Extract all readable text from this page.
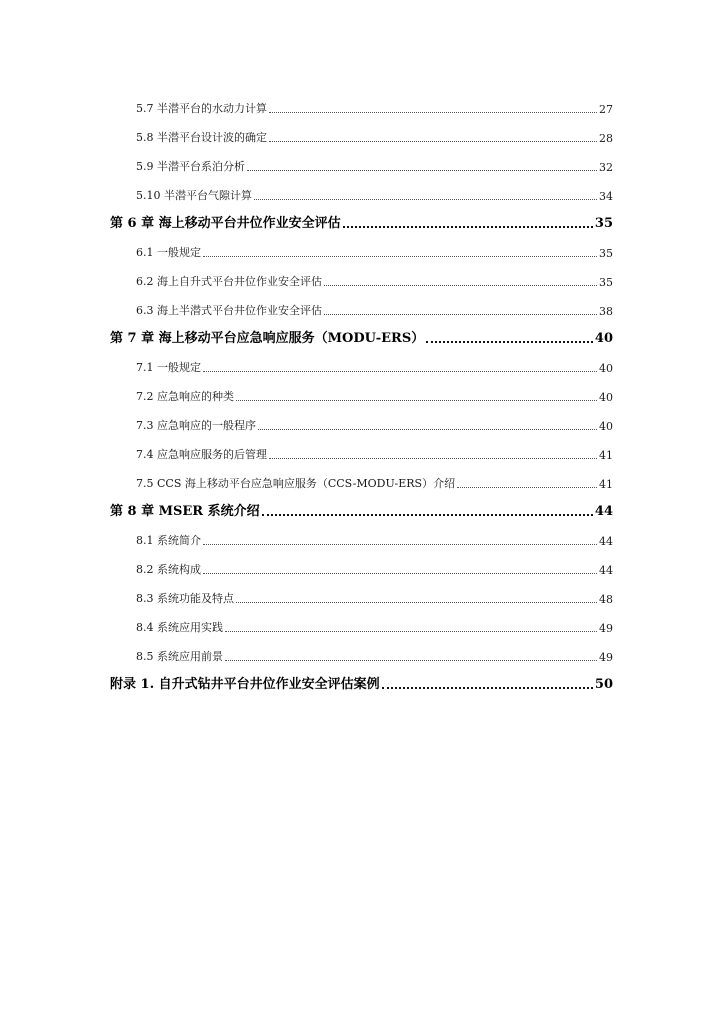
5.7 半潜平台的水动力计算	27
5.8 半潜平台设计波的确定	28
5.9 半潜平台系泊分析	32
5.10 半潜平台气隙计算	34
第 6 章 海上移动平台井位作业安全评估	35
6.1 一般规定	35
6.2 海上自升式平台井位作业安全评估	35
6.3 海上半潜式平台井位作业安全评估	38
第 7 章 海上移动平台应急响应服务（MODU-ERS）	40
7.1 一般规定	40
7.2 应急响应的种类	40
7.3 应急响应的一般程序	40
7.4 应急响应服务的后管理	41
7.5 CCS 海上移动平台应急响应服务（CCS-MODU-ERS）介绍	41
第 8 章 MSER 系统介绍	44
8.1 系统简介	44
8.2 系统构成	44
8.3 系统功能及特点	48
8.4 系统应用实践	49
8.5 系统应用前景	49
附录 1. 自升式钻井平台井位作业安全评估案例	50
